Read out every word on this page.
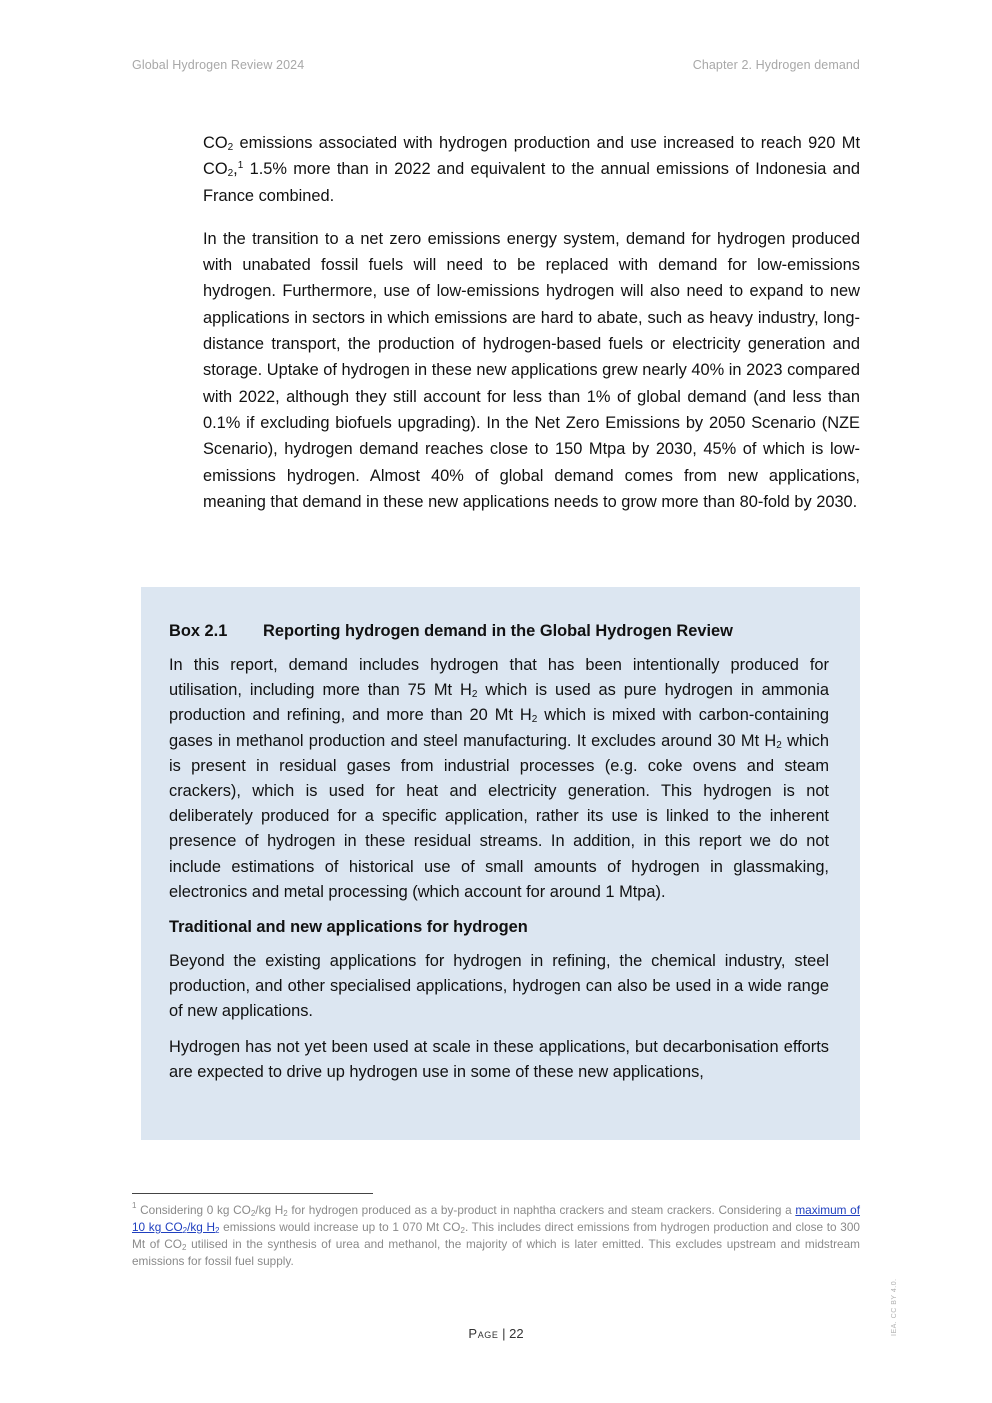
Global Hydrogen Review 2024	Chapter 2. Hydrogen demand

$CO_2$ emissions associated with hydrogen production and use increased to reach 920 Mt $CO_2,^1$ 1.5% more than in 2022 and equivalent to the annual emissions of Indonesia and France combined.

In the transition to a net zero emissions energy system, demand for hydrogen produced with unabated fossil fuels will need to be replaced with demand for low-emissions hydrogen. Furthermore, use of low-emissions hydrogen will also need to expand to new applications in sectors in which emissions are hard to abate, such as heavy industry, long-distance transport, the production of hydrogen-based fuels or electricity generation and storage. Uptake of hydrogen in these new applications grew nearly 40% in 2023 compared with 2022, although they still account for less than 1% of global demand (and less than 0.1% if excluding biofuels upgrading). In the Net Zero Emissions by 2050 Scenario (NZE Scenario), hydrogen demand reaches close to 150 Mtpa by 2030, 45% of which is low-emissions hydrogen. Almost 40% of global demand comes from new applications, meaning that demand in these new applications needs to grow more than 80-fold by 2030.

Box 2.1 Reporting hydrogen demand in the Global Hydrogen Review

In this report, demand includes hydrogen that has been intentionally produced for utilisation, including more than 75 Mt $H_2$ which is used as pure hydrogen in ammonia production and refining, and more than 20 Mt $H_2$ which is mixed with carbon-containing gases in methanol production and steel manufacturing. It excludes around 30 Mt $H_2$ which is present in residual gases from industrial processes (e.g. coke ovens and steam crackers), which is used for heat and electricity generation. This hydrogen is not deliberately produced for a specific application, rather its use is linked to the inherent presence of hydrogen in these residual streams. In addition, in this report we do not include estimations of historical use of small amounts of hydrogen in glassmaking, electronics and metal processing (which account for around 1 Mtpa).

Traditional and new applications for hydrogen

Beyond the existing applications for hydrogen in refining, the chemical industry, steel production, and other specialised applications, hydrogen can also be used in a wide range of new applications.

Hydrogen has not yet been used at scale in these applications, but decarbonisation efforts are expected to drive up hydrogen use in some of these new applications,

$^1$ Considering 0 kg $CO_2/kg$ $H_2$ for hydrogen produced as a by-product in naphtha crackers and steam crackers. Considering a maximum of 10 kg $CO_2/kg$ $H_2$ emissions would increase up to 1 070 Mt $CO_2$. This includes direct emissions from hydrogen production and close to 300 Mt of $CO_2$ utilised in the synthesis of urea and methanol, the majority of which is later emitted. This excludes upstream and midstream emissions for fossil fuel supply.
Page | 22	IEA. CC BY 4.0.
